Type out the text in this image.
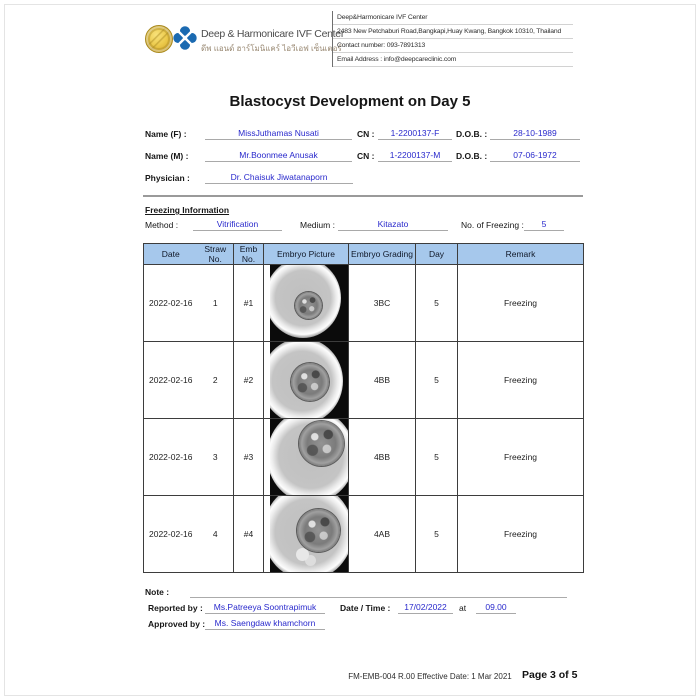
Deep & Harmonicare IVF Center
ดีพ แอนด์ ฮาร์โมนิแคร์ ไอวีเอฟ เซ็นเตอร์
Deep&Harmonicare IVF Center
2483 New Petchaburi Road,Bangkapi,Huay Kwang, Bangkok 10310, Thailand
Contact number: 093-7891313
Email Address : info@deepcareclinic.com
Blastocyst Development on Day 5
Name (F) :	MissJuthamas Nusati	CN :	1-2200137-F	D.O.B. :	28-10-1989
Name (M) :	Mr.Boonmee Anusak	CN :	1-2200137-M	D.O.B. :	07-06-1972
Physician :	Dr. Chaisuk Jiwatanaporn
Freezing Information
Method :	Vitrification	Medium :	Kitazato	No. of Freezing :	5
Date	Straw No.	Emb No.	Embryo Picture	Embryo Grading	Day	Remark
2022-02-16	1	#1		3BC	5	Freezing
2022-02-16	2	#2		4BB	5	Freezing
2022-02-16	3	#3		4BB	5	Freezing
2022-02-16	4	#4		4AB	5	Freezing
Note :
Reported by :	Ms.Patreeya Soontrapimuk	Date / Time :	17/02/2022	at	09.00
Approved by :	Ms. Saengdaw khamchorn
FM-EMB-004 R.00 Effective Date: 1 Mar 2021 Page 3 of 5
